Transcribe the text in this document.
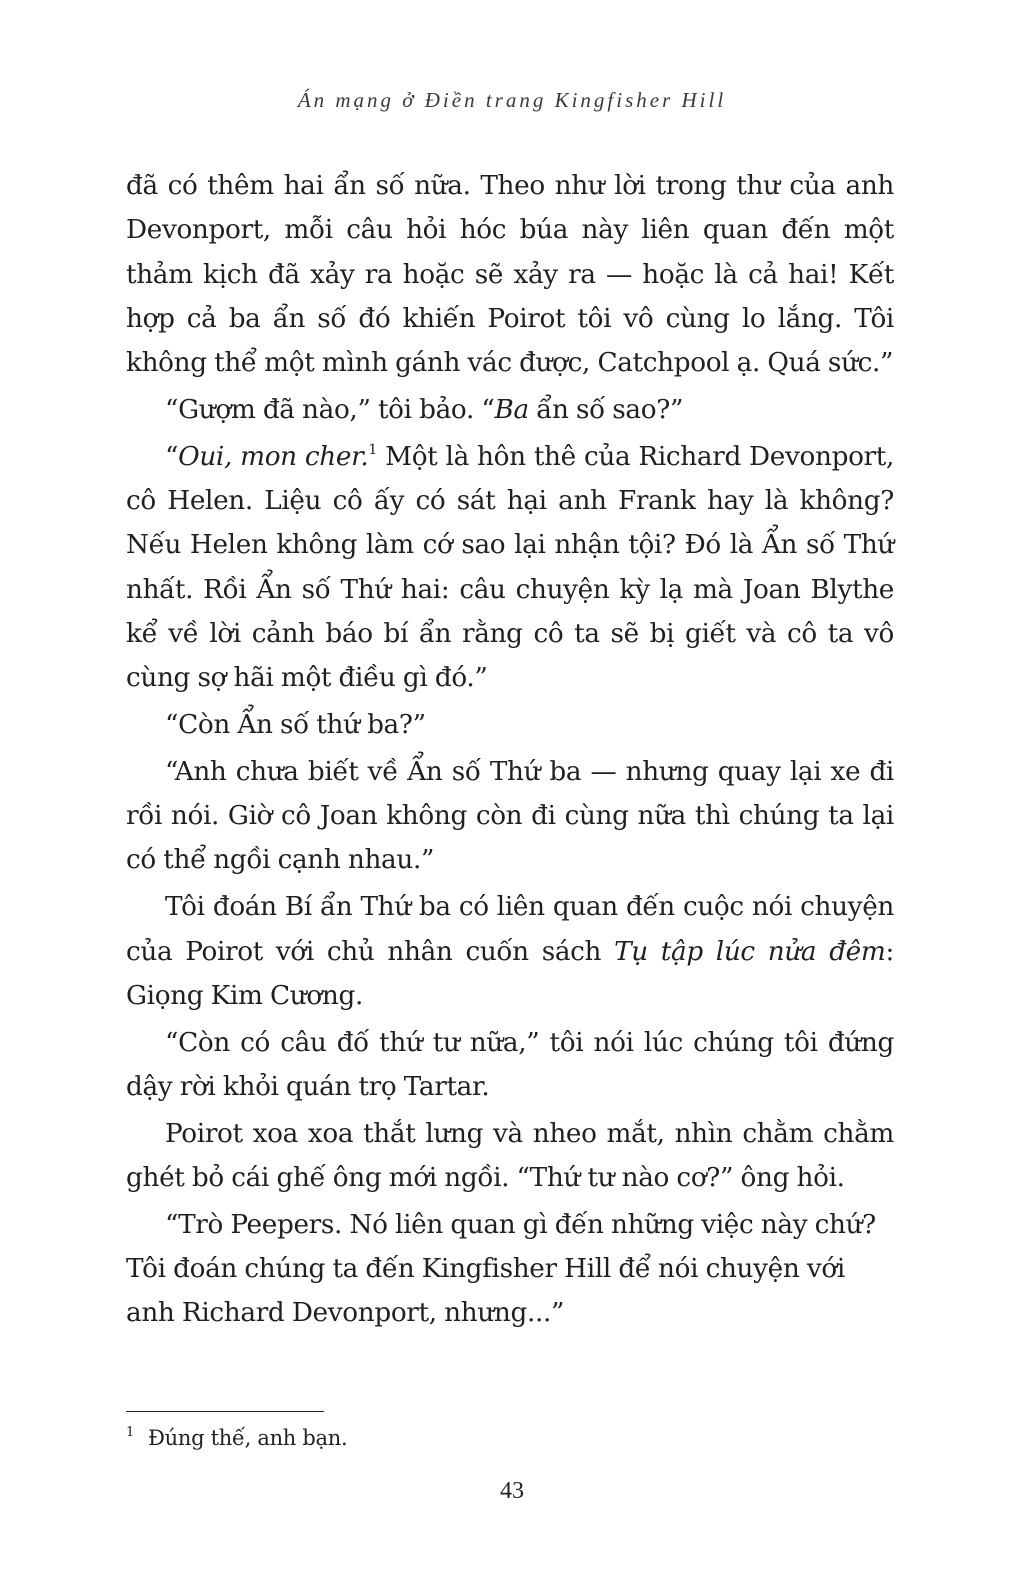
Án mạng ở Điền trang Kingfisher Hill

đã có thêm hai ẩn số nữa. Theo như lời trong thư của anh Devonport, mỗi câu hỏi hóc búa này liên quan đến một thảm kịch đã xảy ra hoặc sẽ xảy ra — hoặc là cả hai! Kết hợp cả ba ẩn số đó khiến Poirot tôi vô cùng lo lắng. Tôi không thể một mình gánh vác được, Catchpool ạ. Quá sức.”

“Gượm đã nào,” tôi bảo. “Ba ẩn số sao?”

“Oui, mon cher.$^1$ Một là hôn thê của Richard Devonport, cô Helen. Liệu cô ấy có sát hại anh Frank hay là không? Nếu Helen không làm cớ sao lại nhận tội? Đó là Ẩn số Thứ nhất. Rồi Ẩn số Thứ hai: câu chuyện kỳ lạ mà Joan Blythe kể về lời cảnh báo bí ẩn rằng cô ta sẽ bị giết và cô ta vô cùng sợ hãi một điều gì đó.”

“Còn Ẩn số thứ ba?”

“Anh chưa biết về Ẩn số Thứ ba — nhưng quay lại xe đi rồi nói. Giờ cô Joan không còn đi cùng nữa thì chúng ta lại có thể ngồi cạnh nhau.”

Tôi đoán Bí ẩn Thứ ba có liên quan đến cuộc nói chuyện của Poirot với chủ nhân cuốn sách Tụ tập lúc nửa đêm: Giọng Kim Cương.

“Còn có câu đố thứ tư nữa,” tôi nói lúc chúng tôi đứng dậy rời khỏi quán trọ Tartar.

Poirot xoa xoa thắt lưng và nheo mắt, nhìn chằm chằm ghét bỏ cái ghế ông mới ngồi. “Thứ tư nào cơ?” ông hỏi.

“Trò Peepers. Nó liên quan gì đến những việc này chứ? Tôi đoán chúng ta đến Kingfisher Hill để nói chuyện với anh Richard Devonport, nhưng...”

1 Đúng thế, anh bạn.
43
